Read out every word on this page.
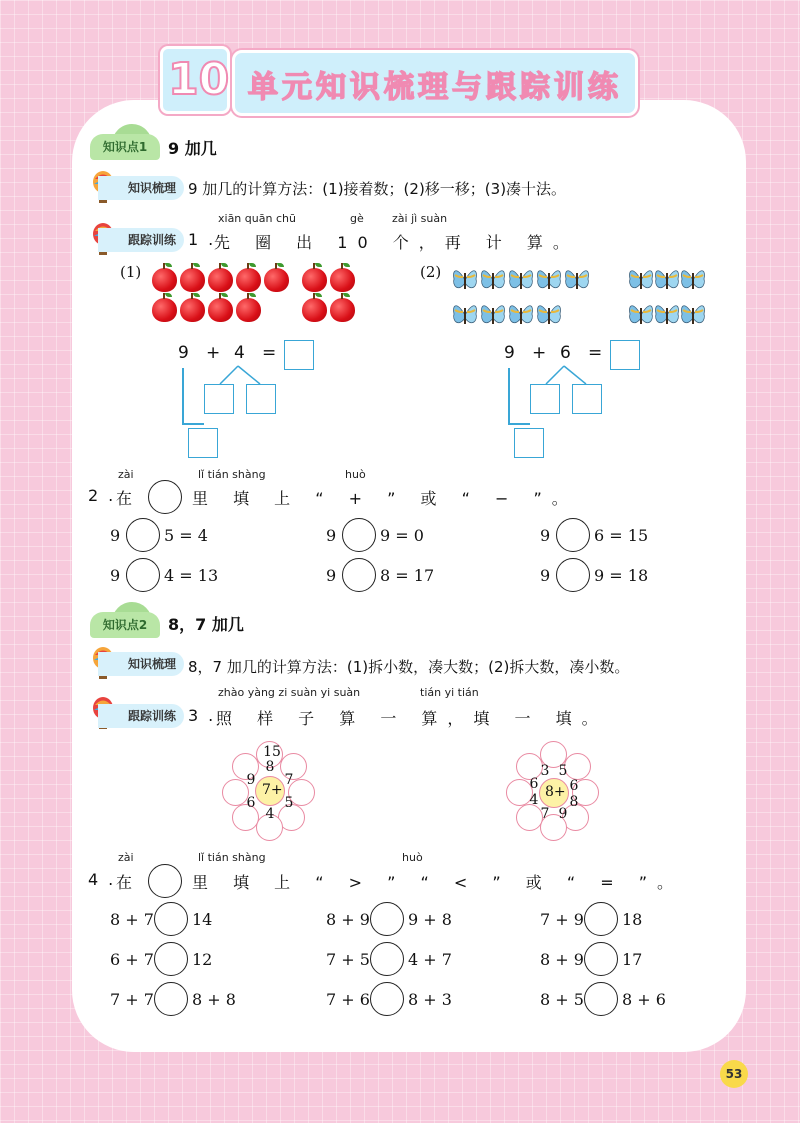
10 单元知识梳理与跟踪训练
知识点1	9 加几
知识梳理 9 加几的计算方法：(1)接着数；(2)移一移；(3)凑十法。
xiān quān chū	gè	zài jì suàn
跟踪训练 1.
先 圈 出 10 个，再 计 算。
(1)
9 + 4 =
(2)
9 + 6 =
zài	lǐ tián shàng	huò
2.
在	里 填 上 “ + ” 或 “ − ”。
9	5 = 4	9	9 = 0	9	6 = 15
9	4 = 13	9	8 = 17	9	9 = 18
知识点2	8，7 加几
知识梳理 8，7 加几的计算方法：(1)拆小数，凑大数；(2)拆大数，凑小数。
zhào yàng zi suàn yi suàn	tián yi tián
跟踪训练 3.
照 样 子 算 一 算，填 一 填。
7+
15
8
7
5
4
6
9
8+
3 5
6
8
9
7
4
6
zài	lǐ tián shàng	huò
4.
在	里 填 上 “ > ” “ < ” 或 “ = ”。
8 + 7 14	8 + 9 9 + 8	7 + 9 18
6 + 7 12	7 + 5 4 + 7	8 + 9 17
7 + 7 8 + 8	7 + 6 8 + 3	8 + 5 8 + 6
53
